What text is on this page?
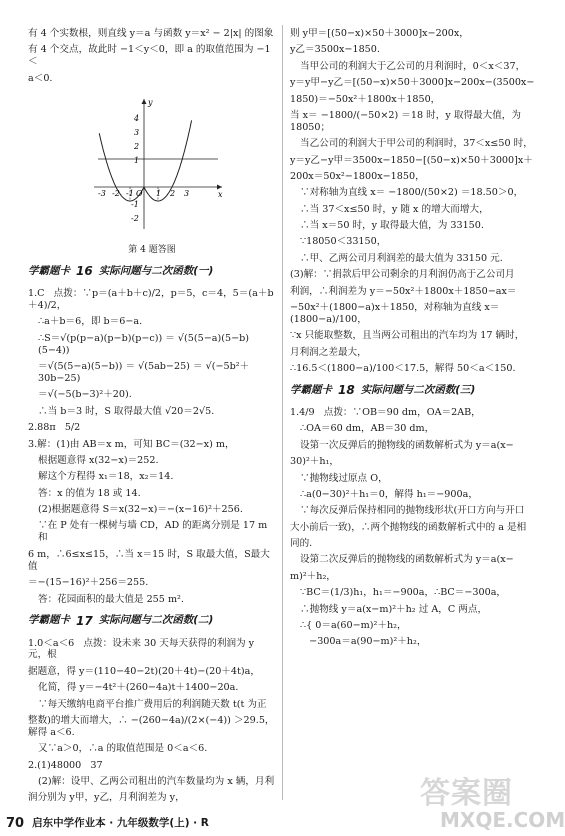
有 4 个实数根，则直线 y＝a 与函数 y＝x² − 2|x| 的图象

有 4 个交点，故此时 −1＜y＜0，即 a 的取值范围为 −1＜

a＜0.

y
x
O
4
3
2
1
-1
-2
-3 -2 -1	1 2 3

第 4 题答图

学霸题卡 16 实际问题与二次函数(一)

1.C   点拨：∵p＝(a＋b＋c)/2，p＝5，c＝4，5＝(a＋b＋4)/2，

∴a＋b＝6，即 b＝6−a.

∴S＝√(p(p−a)(p−b)(p−c)) ＝ √(5(5−a)(5−b)(5−4))

＝√(5(5−a)(5−b)) ＝ √(5ab−25) ＝ √(−5b²＋30b−25)

＝√(−5(b−3)²＋20).

∴当 b＝3 时，S 取得最大值 √20＝2√5.

2.88π   5/2

3.解：(1)由 AB＝x m，可知 BC＝(32−x) m，

根据题意得 x(32−x)＝252.

解这个方程得 x₁＝18，x₂＝14.

答：x 的值为 18 或 14.

(2)根据题意得 S＝x(32−x)＝−(x−16)²＋256.

∵在 P 处有一棵树与墙 CD，AD 的距离分别是 17 m 和

6 m，∴6≤x≤15，∴当 x＝15 时，S 取最大值，S最大值

＝−(15−16)²＋256＝255.

答：花园面积的最大值是 255 m².

学霸题卡 17 实际问题与二次函数(二)

1.0＜a＜6   点拨：设未来 30 天每天获得的利润为 y 元，根

据题意，得 y＝(110−40−2t)(20＋4t)−(20＋4t)a，

化简，得 y＝−4t²＋(260−4a)t＋1400−20a.

∵每天缴纳电商平台推广费用后的利润随天数 t(t 为正

整数)的增大而增大，∴ −(260−4a)/(2×(−4)) ＞29.5，解得 a＜6.

又∵a＞0，∴a 的取值范围是 0＜a＜6.

2.(1)48000   37

(2)解：设甲、乙两公司租出的汽车数量均为 x 辆，月利

润分别为 y甲，y乙，月利润差为 y，

则 y甲＝[(50−x)×50＋3000]x−200x，

y乙＝3500x−1850.

当甲公司的利润大于乙公司的月利润时，0＜x＜37，

y＝y甲−y乙＝[(50−x)×50＋3000]x−200x−(3500x−

1850)＝−50x²＋1800x＋1850，

当 x＝ −1800/(−50×2) ＝18 时，y 取得最大值，为 18050；

当乙公司的利润大于甲公司的利润时，37＜x≤50 时，

y＝y乙−y甲＝3500x−1850−[(50−x)×50＋3000]x＋

200x＝50x²−1800x−1850，

∵对称轴为直线 x＝ −1800/(50×2) ＝18.50＞0，

∴当 37＜x≤50 时，y 随 x 的增大而增大，

∴当 x＝50 时，y 取得最大值，为 33150.

∵18050＜33150，

∴甲、乙两公司月利润差的最大值为 33150 元.

(3)解：∵捐款后甲公司剩余的月利润仍高于乙公司月

利润，∴利润差为 y＝−50x²＋1800x＋1850−ax＝

−50x²＋(1800−a)x＋1850，对称轴为直线 x＝(1800−a)/100，

∵x 只能取整数，且当两公司租出的汽车均为 17 辆时，

月利润之差最大，

∴16.5＜(1800−a)/100＜17.5，解得 50＜a＜150.

学霸题卡 18 实际问题与二次函数(三)

1.4/9   点拨：∵OB＝90 dm，OA＝2AB，

∴OA＝60 dm，AB＝30 dm，

设第一次反弹后的抛物线的函数解析式为 y＝a(x−

30)²＋h₁，

∵抛物线过原点 O，

∴a(0−30)²＋h₁＝0，解得 h₁＝−900a，

∵每次反弹后保持相同的抛物线形状(开口方向与开口

大小前后一致)，∴两个抛物线的函数解析式中的 a 是相

同的.

设第二次反弹后的抛物线的函数解析式为 y＝a(x−

m)²＋h₂，

∵BC＝(1/3)h₁，h₁＝−900a，∴BC＝−300a，

∴抛物线 y＝a(x−m)²＋h₂ 过 A，C 两点，

∴{ 0＝a(60−m)²＋h₂，

−300a＝a(90−m)²＋h₂，

答案圈
MXQE.COM
70 启东中学作业本 · 九年级数学(上) · R
